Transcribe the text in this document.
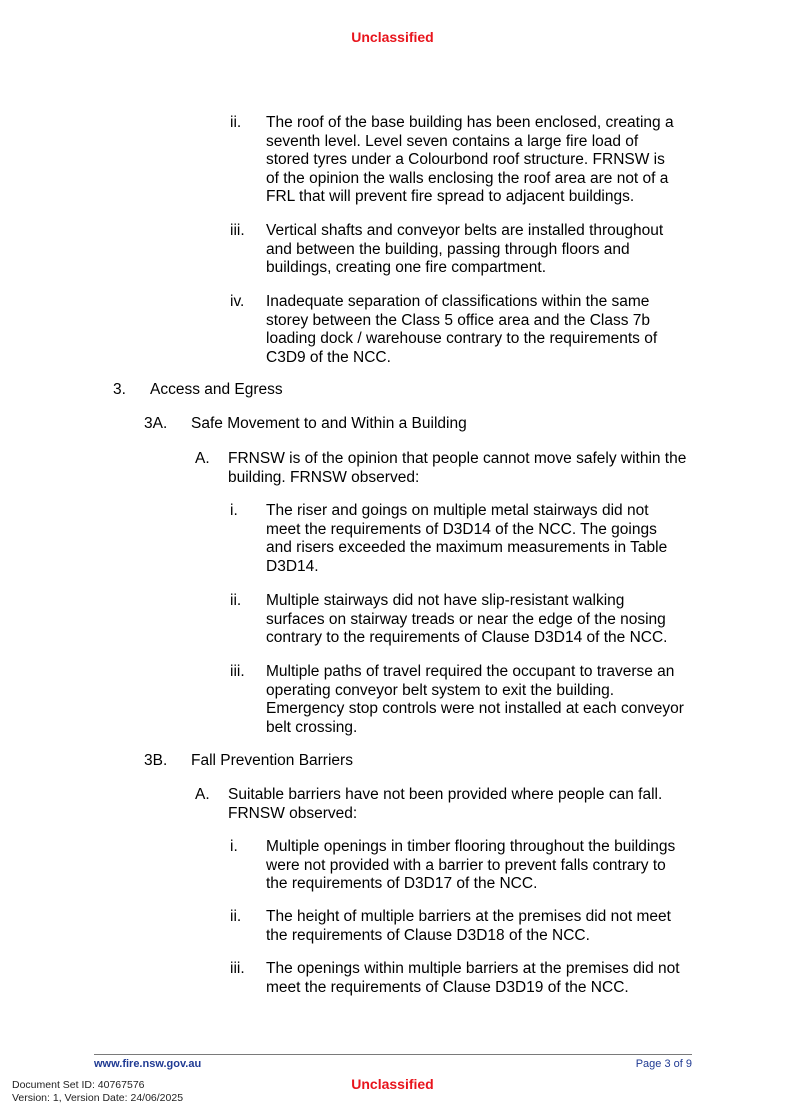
Unclassified
ii. The roof of the base building has been enclosed, creating a
seventh level. Level seven contains a large fire load of
stored tyres under a Colourbond roof structure. FRNSW is
of the opinion the walls enclosing the roof area are not of a
FRL that will prevent fire spread to adjacent buildings.
iii. Vertical shafts and conveyor belts are installed throughout
and between the building, passing through floors and
buildings, creating one fire compartment.
iv. Inadequate separation of classifications within the same
storey between the Class 5 office area and the Class 7b
loading dock / warehouse contrary to the requirements of
C3D9 of the NCC.
3. Access and Egress
3A. Safe Movement to and Within a Building
A. FRNSW is of the opinion that people cannot move safely within the
building. FRNSW observed:
i. The riser and goings on multiple metal stairways did not
meet the requirements of D3D14 of the NCC. The goings
and risers exceeded the maximum measurements in Table
D3D14.
ii. Multiple stairways did not have slip-resistant walking
surfaces on stairway treads or near the edge of the nosing
contrary to the requirements of Clause D3D14 of the NCC.
iii. Multiple paths of travel required the occupant to traverse an
operating conveyor belt system to exit the building.
Emergency stop controls were not installed at each conveyor
belt crossing.
3B. Fall Prevention Barriers
A. Suitable barriers have not been provided where people can fall.
FRNSW observed:
i. Multiple openings in timber flooring throughout the buildings
were not provided with a barrier to prevent falls contrary to
the requirements of D3D17 of the NCC.
ii. The height of multiple barriers at the premises did not meet
the requirements of Clause D3D18 of the NCC.
iii. The openings within multiple barriers at the premises did not
meet the requirements of Clause D3D19 of the NCC.
www.fire.nsw.gov.au	Page 3 of 9
Unclassified
Document Set ID: 40767576
Version: 1, Version Date: 24/06/2025
